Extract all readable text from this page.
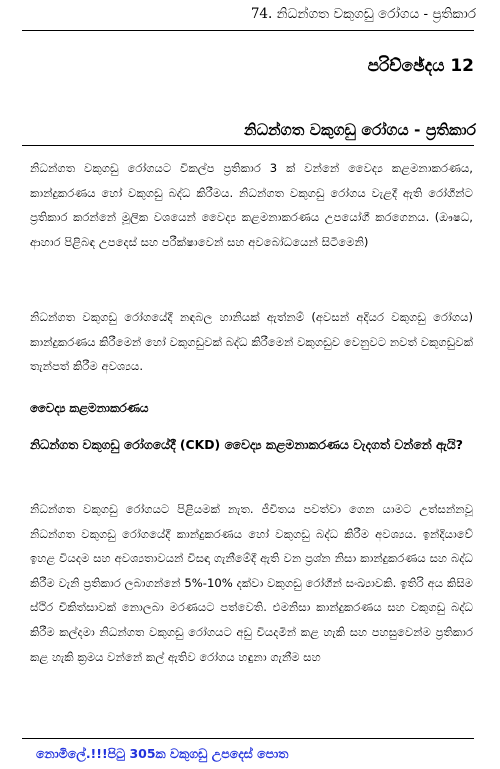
74. නිධන්ගත වකුගඩු රෝගය - ප්‍රතිකාර
පරිච්ඡේදය 12
නිධන්ගත වකුගඩු රෝගය - ප්‍රතිකාර
නිධන්ගත වකුගඩු රෝගයට විකල්ප ප්‍රතිකාර 3 ක් වන්නේ වෛද්‍ය කළමනාකරණය, කාන්දුකරණය හෝ වකුගඩු බද්ධ කිරීමය. නිධන්ගත වකුගඩු රෝගය වැළදී ඇති රෝගීන්ට ප්‍රතිකාර කරන්නේ මූලික වශයෙන් වෛද්‍ය කළමනාකරණය උපයෝගී කරගෙනය. (ඖෂධ, ආහාර පිළිබඳ උපදෙස් සහ පරීක්ෂාවෙන් සහ අවබෝධයෙන් සිටීමෙනි)
නිධන්ගත වකුගඩු රෝගයේදී නඳබල හානියක් ඇත්නම් (අවසන් අදියර වකුගඩු රෝගය) කාන්දුකරණය කිරීමෙන් හෝ වකුගඩුවක් බද්ධ කිරීමෙන් වකුගඩුව වෙනුවට නවත් වකුගඩුවක් තැන්පත් කිරීම අවශ්‍යය.
වෛද්‍ය කළමනාකරණය
නිධන්ගත වකුගඩු රෝගයේදී (CKD) වෛද්‍ය කළමනාකරණය වැදගත් වන්නේ ඇයි?
නිධන්ගත වකුගඩු රෝගයට පිළියමක් නැත. ජීවිතය පවත්වා ගෙන යාමට උත්සන්නවූ නිධන්ගත වකුගඩු රෝගයේදී කාන්දුකරණය හෝ වකුගඩු බද්ධ කිරීම අවශ්‍යය. ඉන්දියාවේ ඉහළ වියදම සහ අවශ්‍යතාවයන් විසඳා ගැනීමේදී ඇති වන ප්‍රශ්න නිසා කාන්දුකරණය සහ බද්ධ කිරීම වැනි ප්‍රතිකාර ලබාගන්නේ 5%-10% දක්වා වකුගඩු රෝගීන් සංඛ්‍යාවකි. ඉතිරි අය කිසිම ස්ථිර චිකිත්සාවක් නොලබා මරණයට පත්වෙති. එමනිසා කාන්දුකරණය සහ වකුගඩු බද්ධ කිරීම කල්දමා නිධන්ගත වකුගඩු රෝගයට අඩු වියදමින් කළ හැකි සහ පහසුවෙන්ම ප්‍රතිකාර කළ හැකි ක්‍රමය වන්නේ කල් ඇතිව රෝගය හඳුනා ගැනීම සහ
නොමිලේ.!!!පිටු 305ක වකුගඩු උපදෙස් පොත
